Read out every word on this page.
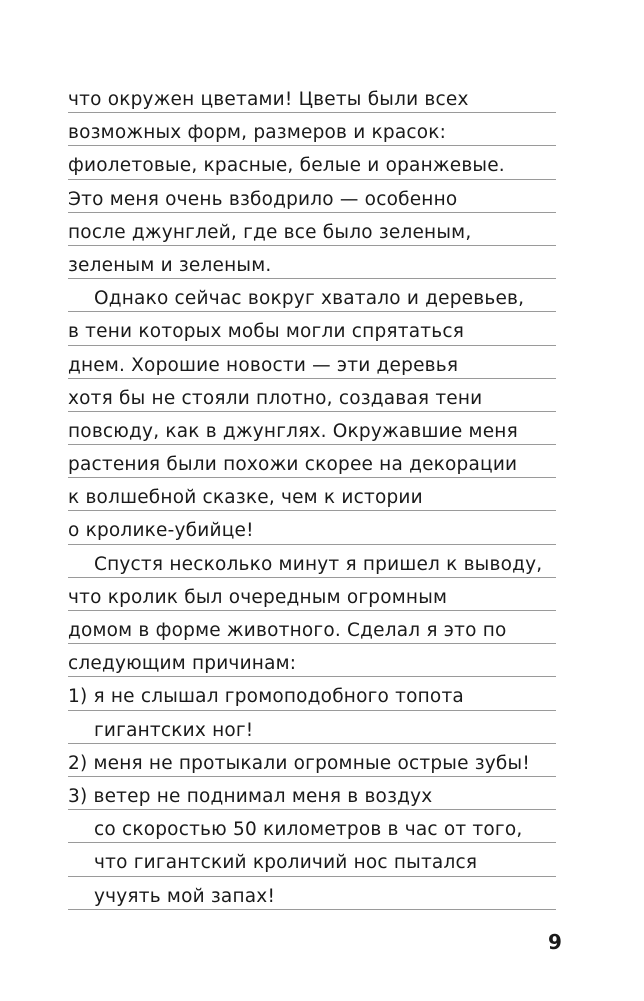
что окружен цветами! Цветы были всех
возможных форм, размеров и красок:
фиолетовые, красные, белые и оранжевые.
Это меня очень взбодрило — особенно
после джунглей, где все было зеленым,
зеленым и зеленым.
Однако сейчас вокруг хватало и деревьев,
в тени которых мобы могли спрятаться
днем. Хорошие новости — эти деревья
хотя бы не стояли плотно, создавая тени
повсюду, как в джунглях. Окружавшие меня
растения были похожи скорее на декорации
к волшебной сказке, чем к истории
о кролике-убийце!
Спустя несколько минут я пришел к выводу,
что кролик был очередным огромным
домом в форме животного. Сделал я это по
следующим причинам:
1) я не слышал громоподобного топота
гигантских ног!
2) меня не протыкали огромные острые зубы!
3) ветер не поднимал меня в воздух
со скоростью 50 километров в час от того,
что гигантский кроличий нос пытался
учуять мой запах!
9
